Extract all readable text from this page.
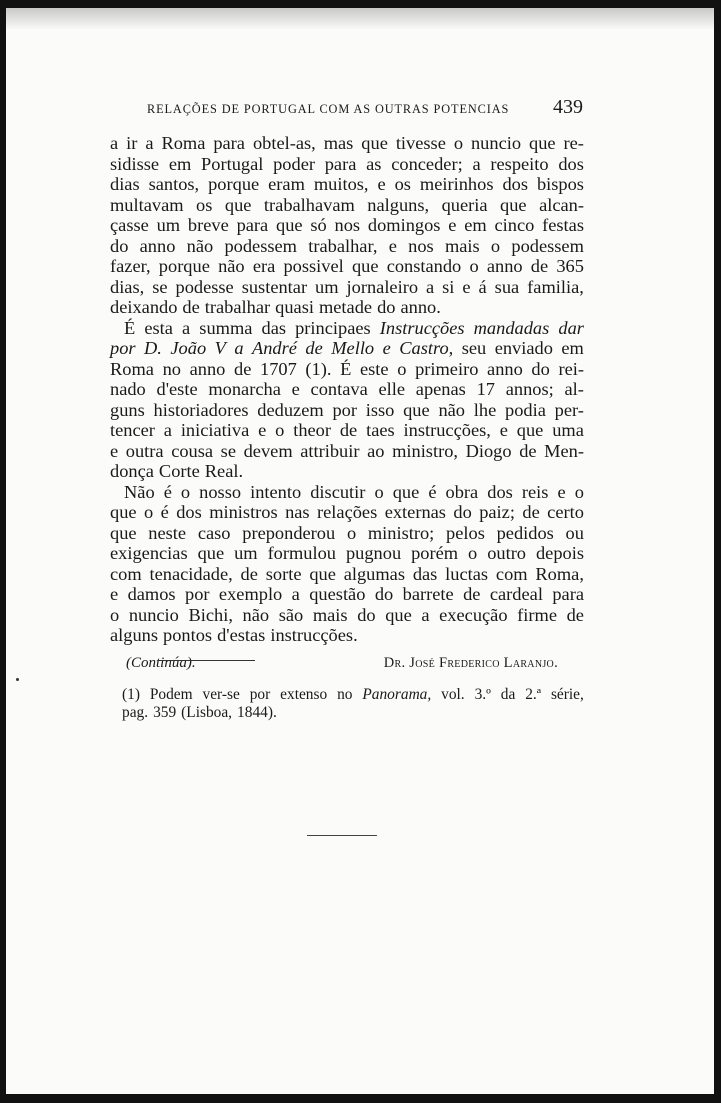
RELAÇÕES DE PORTUGAL COM AS OUTRAS POTENCIAS 439
a ir a Roma para obtel-as, mas que tivesse o nuncio que re-
sidisse em Portugal poder para as conceder; a respeito dos
dias santos, porque eram muitos, e os meirinhos dos bispos
multavam os que trabalhavam nalguns, queria que alcan-
çasse um breve para que só nos domingos e em cinco festas
do anno não podessem trabalhar, e nos mais o podessem
fazer, porque não era possivel que constando o anno de 365
dias, se podesse sustentar um jornaleiro a si e á sua familia,
deixando de trabalhar quasi metade do anno.
É esta a summa das principaes Instrucções mandadas dar
por D. João V a André de Mello e Castro, seu enviado em
Roma no anno de 1707 (1). É este o primeiro anno do rei-
nado d'este monarcha e contava elle apenas 17 annos; al-
guns historiadores deduzem por isso que não lhe podia per-
tencer a iniciativa e o theor de taes instrucções, e que uma
e outra cousa se devem attribuir ao ministro, Diogo de Men-
donça Corte Real.
Não é o nosso intento discutir o que é obra dos reis e o
que o é dos ministros nas relações externas do paiz; de certo
que neste caso preponderou o ministro; pelos pedidos ou
exigencias que um formulou pugnou porém o outro depois
com tenacidade, de sorte que algumas das luctas com Roma,
e damos por exemplo a questão do barrete de cardeal para
o nuncio Bichi, não são mais do que a execução firme de
alguns pontos d'estas instrucções.
(Continúa).	Dr. José Frederico Laranjo.
(1) Podem ver-se por extenso no Panorama, vol. 3.º da 2.ª série,
pag. 359 (Lisboa, 1844).
